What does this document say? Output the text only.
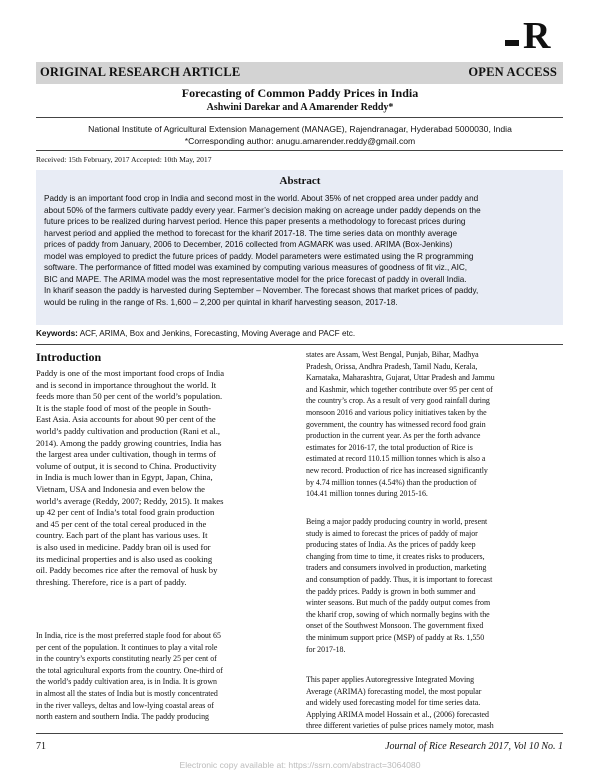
R
ORIGINAL RESEARCH ARTICLE	OPEN ACCESS
Forecasting of Common Paddy Prices in India
Ashwini Darekar and A Amarender Reddy*
National Institute of Agricultural Extension Management (MANAGE), Rajendranagar, Hyderabad 5000030, India
*Corresponding author: anugu.amarender.reddy@gmail.com
Received: 15th February, 2017 Accepted: 10th May, 2017
Abstract
Paddy is an important food crop in India and second most in the world. About 35% of net cropped area under paddy and
about 50% of the farmers cultivate paddy every year. Farmer’s decision making on acreage under paddy depends on the
future prices to be realized during harvest period. Hence this paper presents a methodology to forecast prices during
harvest period and applied the method to forecast for the kharif 2017-18. The time series data on monthly average
prices of paddy from January, 2006 to December, 2016 collected from AGMARK was used. ARIMA (Box-Jenkins)
model was employed to predict the future prices of paddy. Model parameters were estimated using the R programming
software. The performance of fitted model was examined by computing various measures of goodness of fit viz., AIC,
BIC and MAPE. The ARIMA model was the most representative model for the price forecast of paddy in overall India.
In kharif season the paddy is harvested during September – November. The forecast shows that market prices of paddy,
would be ruling in the range of Rs. 1,600 – 2,200 per quintal in kharif harvesting season, 2017-18.
Keywords: ACF, ARIMA, Box and Jenkins, Forecasting, Moving Average and PACF etc.
Introduction
Paddy is one of the most important food crops of India
and is second in importance throughout the world. It
feeds more than 50 per cent of the world’s population.
It is the staple food of most of the people in South-
East Asia. Asia accounts for about 90 per cent of the
world’s paddy cultivation and production (Rani et al.,
2014). Among the paddy growing countries, India has
the largest area under cultivation, though in terms of
volume of output, it is second to China. Productivity
in India is much lower than in Egypt, Japan, China,
Vietnam, USA and Indonesia and even below the
world’s average (Reddy, 2007; Reddy, 2015). It makes
up 42 per cent of India’s total food grain production
and 45 per cent of the total cereal produced in the
country. Each part of the plant has various uses. It
is also used in medicine. Paddy bran oil is used for
its medicinal properties and is also used as cooking
oil. Paddy becomes rice after the removal of husk by
threshing. Therefore, rice is a part of paddy.
In India, rice is the most preferred staple food for about 65
per cent of the population. It continues to play a vital role
in the country’s exports constituting nearly 25 per cent of
the total agricultural exports from the country. One-third of
the world’s paddy cultivation area, is in India. It is grown
in almost all the states of India but is mostly concentrated
in the river valleys, deltas and low-lying coastal areas of
north eastern and southern India. The paddy producing
states are Assam, West Bengal, Punjab, Bihar, Madhya
Pradesh, Orissa, Andhra Pradesh, Tamil Nadu, Kerala,
Karnataka, Maharashtra, Gujarat, Uttar Pradesh and Jammu
and Kashmir, which together contribute over 95 per cent of
the country’s crop. As a result of very good rainfall during
monsoon 2016 and various policy initiatives taken by the
government, the country has witnessed record food grain
production in the current year. As per the forth advance
estimates for 2016-17, the total production of Rice is
estimated at record 110.15 million tonnes which is also a
new record. Production of rice has increased significantly
by 4.74 million tonnes (4.54%) than the production of
104.41 million tonnes during 2015-16.
Being a major paddy producing country in world, present
study is aimed to forecast the prices of paddy of major
producing states of India. As the prices of paddy keep
changing from time to time, it creates risks to producers,
traders and consumers involved in production, marketing
and consumption of paddy. Thus, it is important to forecast
the paddy prices. Paddy is grown in both summer and
winter seasons. But much of the paddy output comes from
the kharif crop, sowing of which normally begins with the
onset of the Southwest Monsoon. The government fixed
the minimum support price (MSP) of paddy at Rs. 1,550
for 2017-18.
This paper applies Autoregressive Integrated Moving
Average (ARIMA) forecasting model, the most popular
and widely used forecasting model for time series data.
Applying ARIMA model Hossain et al., (2006) forecasted
three different varieties of pulse prices namely motor, mash
71	Journal of Rice Research 2017, Vol 10 No. 1
Electronic copy available at: https://ssrn.com/abstract=3064080
